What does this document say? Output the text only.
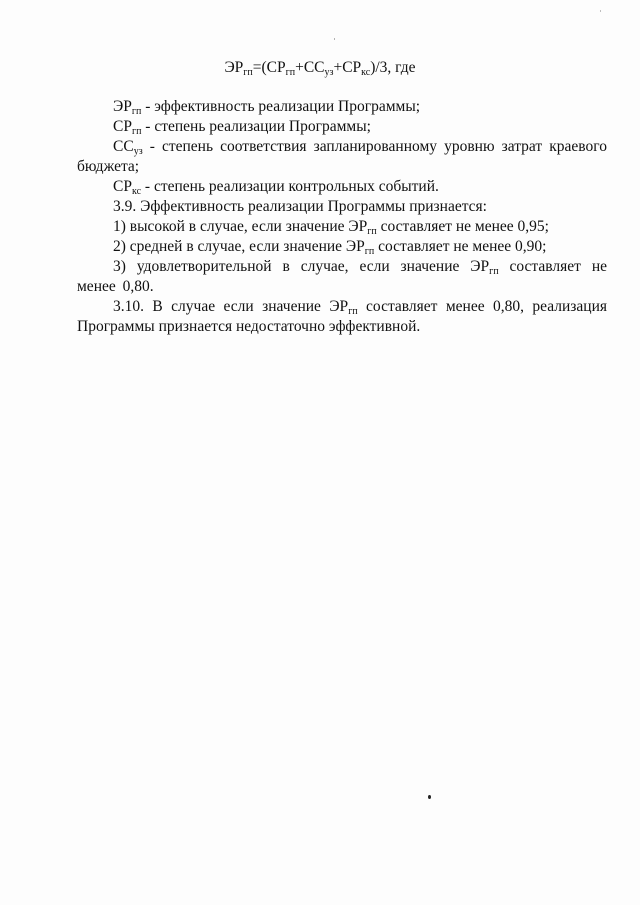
$ЭР_{гп}=(СР_{гп}+СС_{уз}+СР_{кс})/3$, где

$ЭР_{гп}$ - эффективность реализации Программы;

$СР_{гп}$ - степень реализации Программы;

$СС_{уз}$ - степень соответствия запланированному уровню затрат краевого бюджета;

$СР_{кс}$ - степень реализации контрольных событий.

3.9. Эффективность реализации Программы признается:

1) высокой в случае, если значение $ЭР_{гп}$ составляет не менее 0,95;

2) средней в случае, если значение $ЭР_{гп}$ составляет не менее 0,90;

3) удовлетворительной в случае, если значение $ЭР_{гп}$ составляет не менее 0,80.

3.10. В случае если значение $ЭР_{гп}$ составляет менее 0,80, реализация Программы признается недостаточно эффективной.
